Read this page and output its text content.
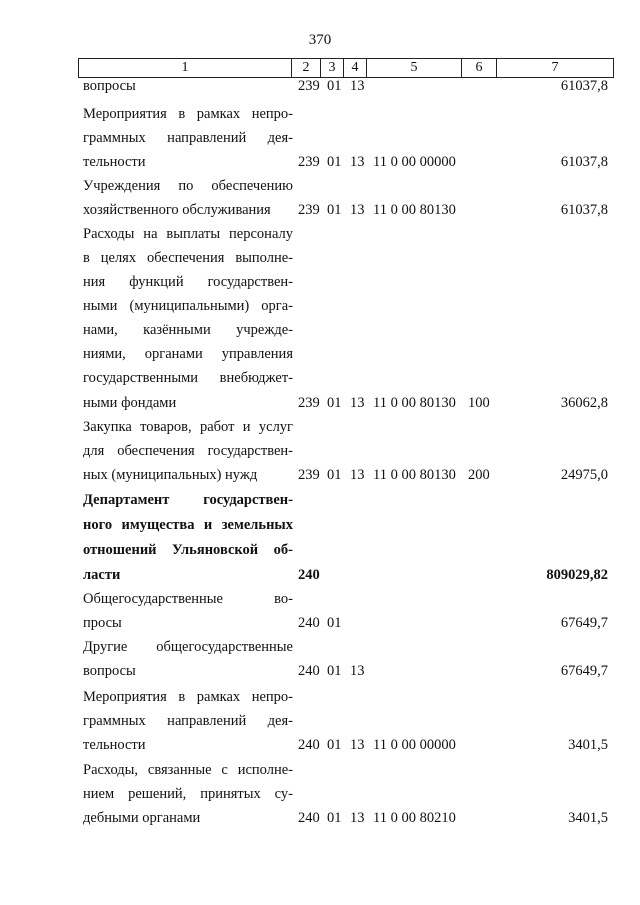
370
1	2	3	4	5	6	7
вопросы	239 01 13	61037,8
Мероприятия в рамках непро-
граммных направлений дея-
тельности	239 01 13 11 0 00 00000	61037,8
Учреждения по обеспечению
хозяйственного обслуживания	239 01 13 11 0 00 80130	61037,8
Расходы на выплаты персоналу
в целях обеспечения выполне-
ния функций государствен-
ными (муниципальными) орга-
нами, казёнными учрежде-
ниями, органами управления
государственными внебюджет-
ными фондами	239 01 13 11 0 00 80130 100	36062,8
Закупка товаров, работ и услуг
для обеспечения государствен-
ных (муниципальных) нужд	239 01 13 11 0 00 80130 200	24975,0
Департамент государствен-
ного имущества и земельных
отношений Ульяновской об-
ласти	240	809029,82
Общегосударственные во-
просы	240 01	67649,7
Другие общегосударственные
вопросы	240 01 13	67649,7
Мероприятия в рамках непро-
граммных направлений дея-
тельности	240 01 13 11 0 00 00000	3401,5
Расходы, связанные с исполне-
нием решений, принятых су-
дебными органами	240 01 13 11 0 00 80210	3401,5
